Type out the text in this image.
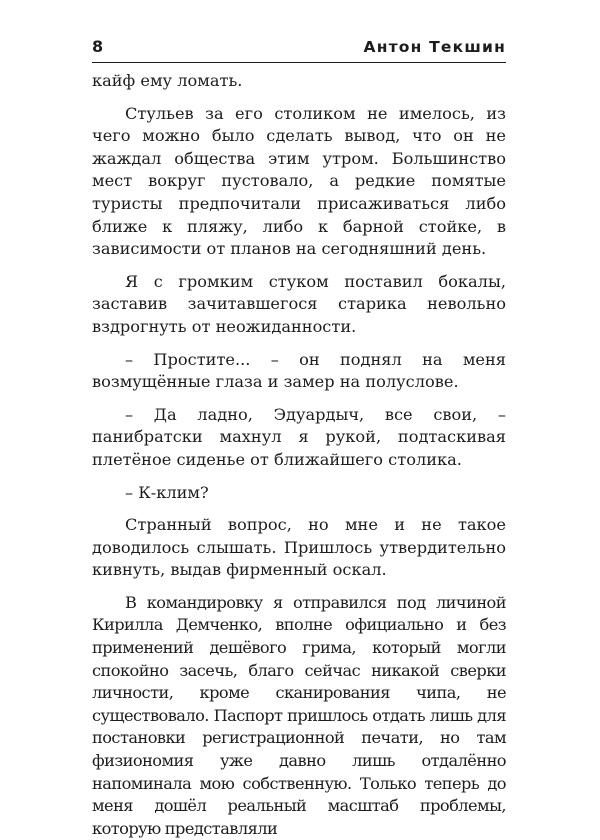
8	Антон Текшин

кайф ему ломать.

Стульев за его столиком не имелось, из чего можно было сделать вывод, что он не жаждал общества этим утром. Большинство мест вокруг пустовало, а редкие помятые туристы предпочитали присаживаться либо ближе к пляжу, либо к барной стойке, в зависимости от планов на сегодняшний день.

Я с громким стуком поставил бокалы, заставив зачитавшегося старика невольно вздрогнуть от неожиданности.

– Простите... – он поднял на меня возмущённые глаза и замер на полуслове.

– Да ладно, Эдуардыч, все свои, – панибратски махнул я рукой, подтаскивая плетёное сиденье от ближайшего столика.

– К-клим?

Странный вопрос, но мне и не такое доводилось слышать. Пришлось утвердительно кивнуть, выдав фирменный оскал.

В командировку я отправился под личиной Кирилла Демченко, вполне официально и без применений дешёвого грима, который могли спокойно засечь, благо сейчас никакой сверки личности, кроме сканирования чипа, не существовало. Паспорт пришлось отдать лишь для постановки регистрационной печати, но там физиономия уже давно лишь отдалённо напоминала мою собственную. Только теперь до меня дошёл реальный масштаб проблемы, которую представляли
